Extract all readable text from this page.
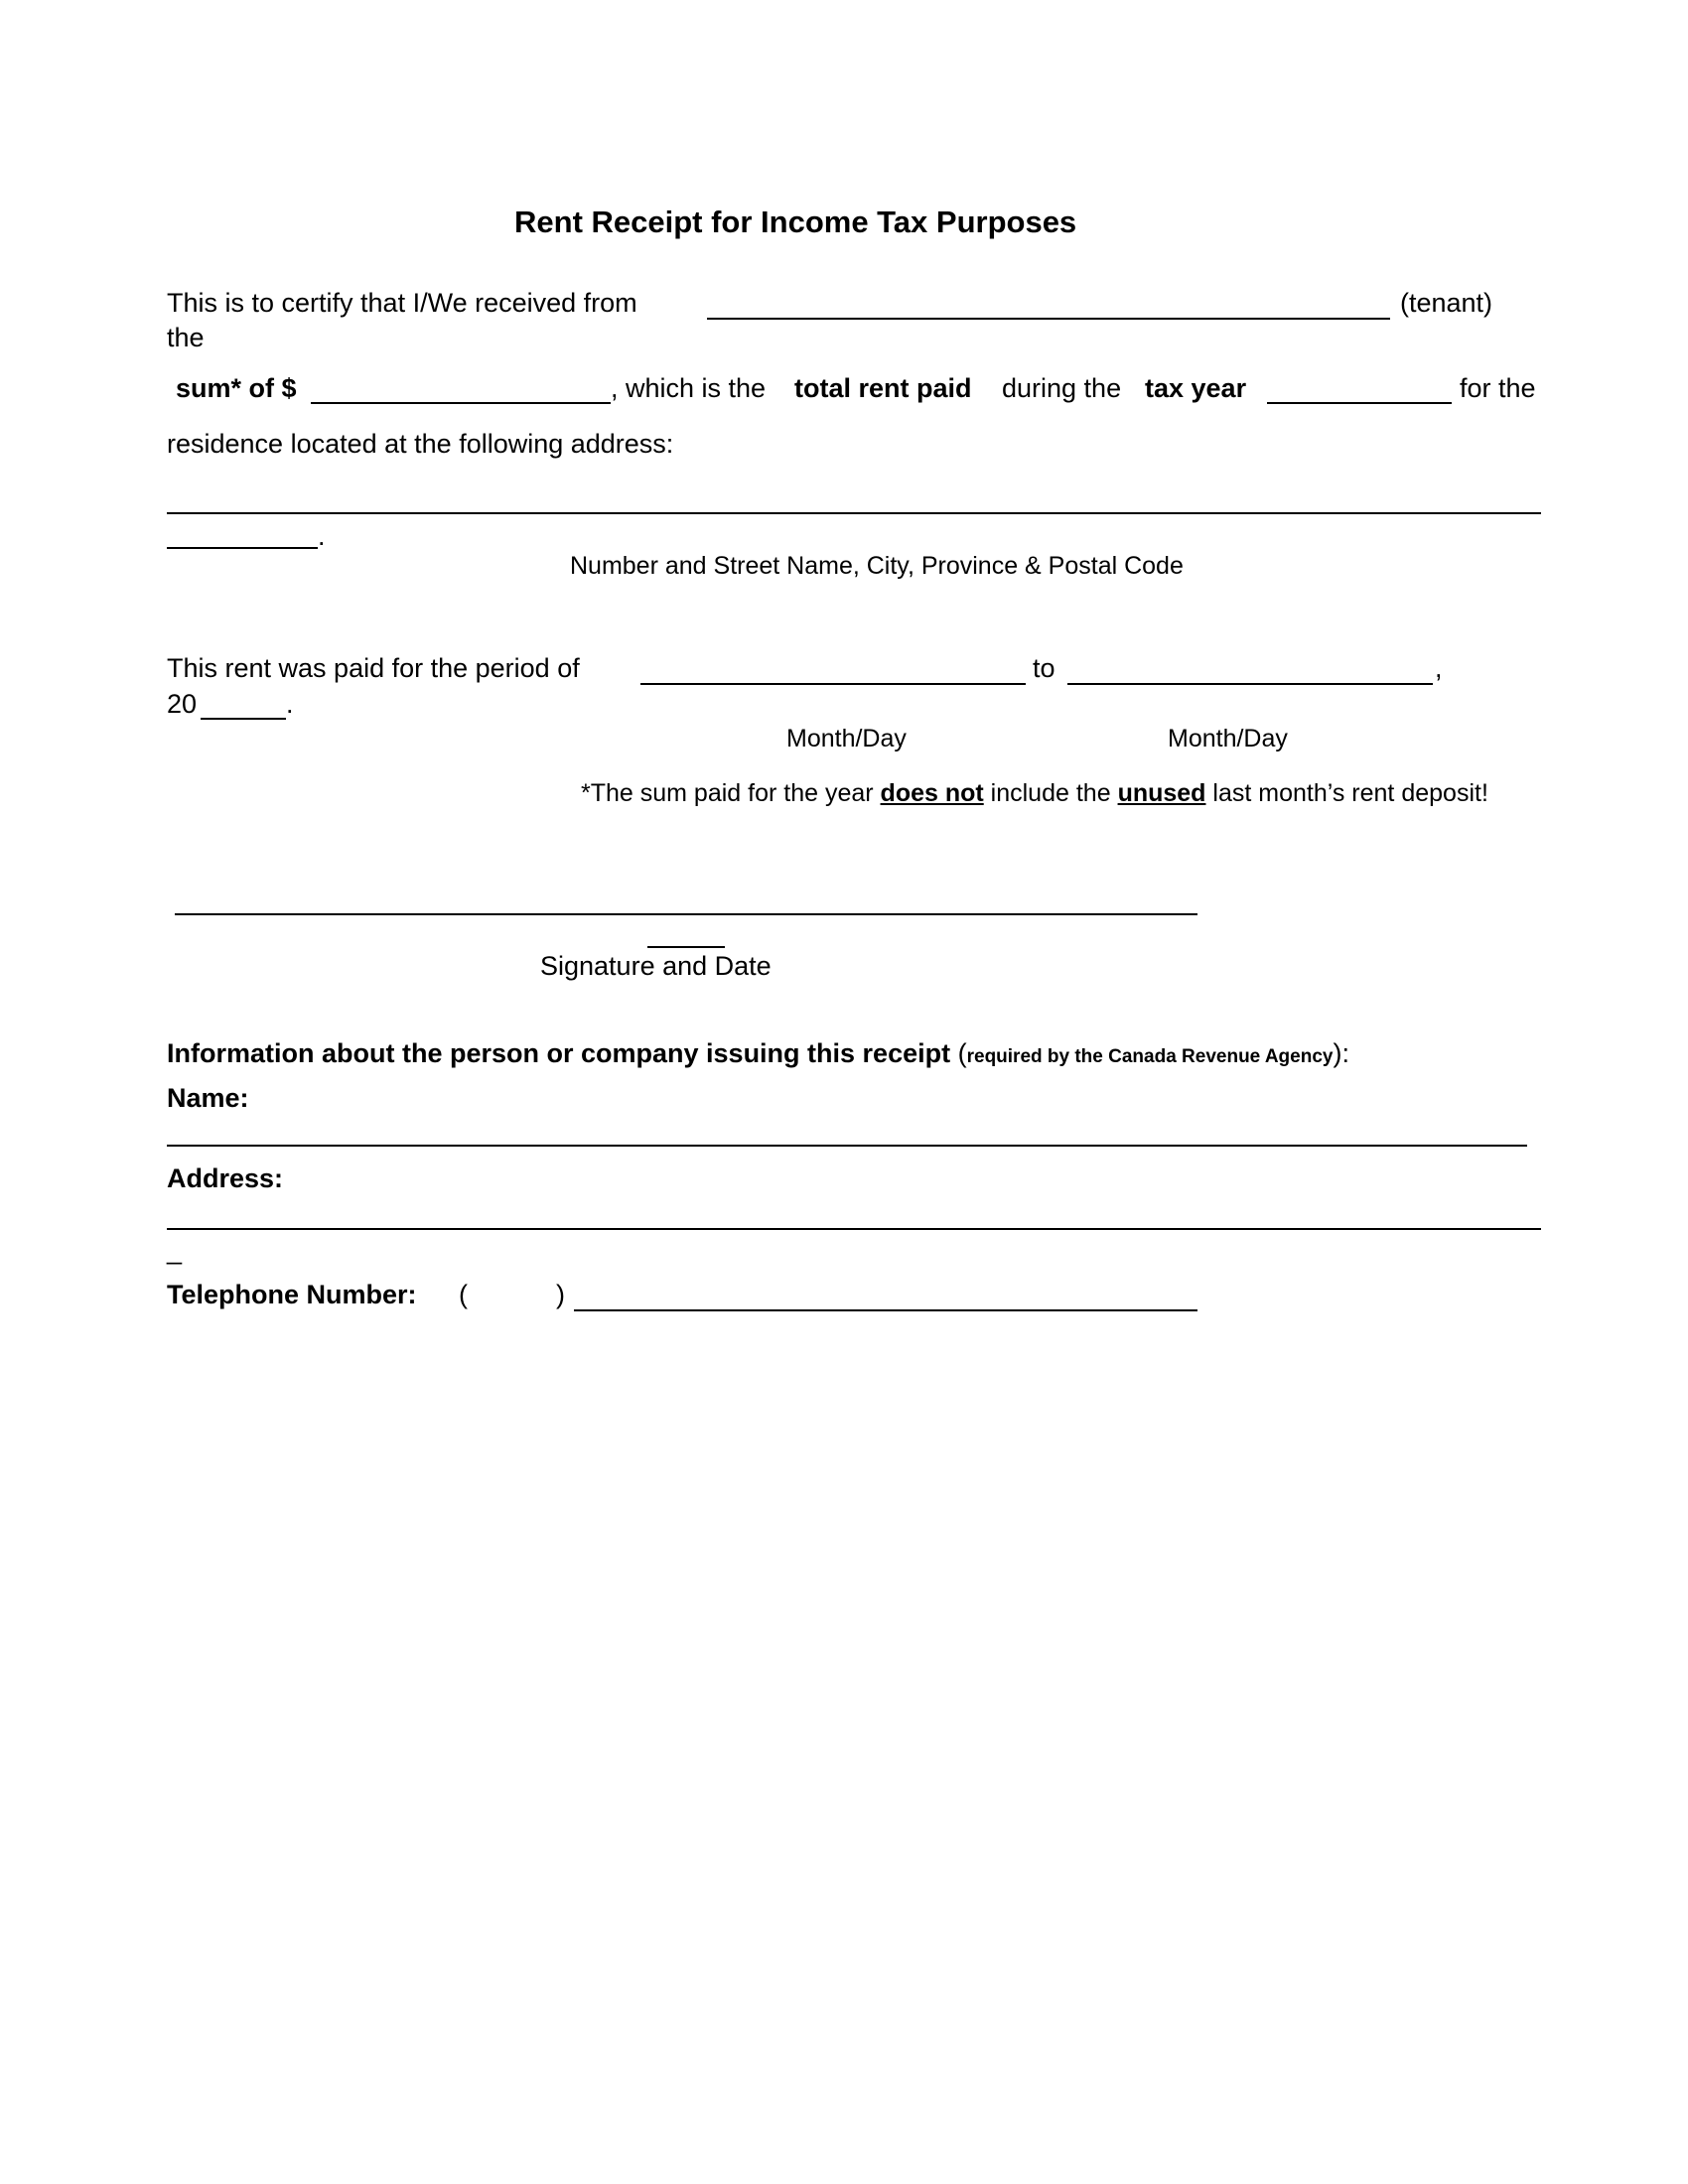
Rent Receipt for Income Tax Purposes
This is to certify that I/We received from	(tenant)
the
sum* of $	, which is the total rent paid during the tax year	for the
residence located at the following address:
.
Number and Street Name, City, Province & Postal Code
This rent was paid for the period of	to	,
20	.
Month/Day	Month/Day
*The sum paid for the year does not include the unused last month’s rent deposit!
Signature and Date
Information about the person or company issuing this receipt (required by the Canada Revenue Agency):
Name:
Address:
_
Telephone Number: (	)
